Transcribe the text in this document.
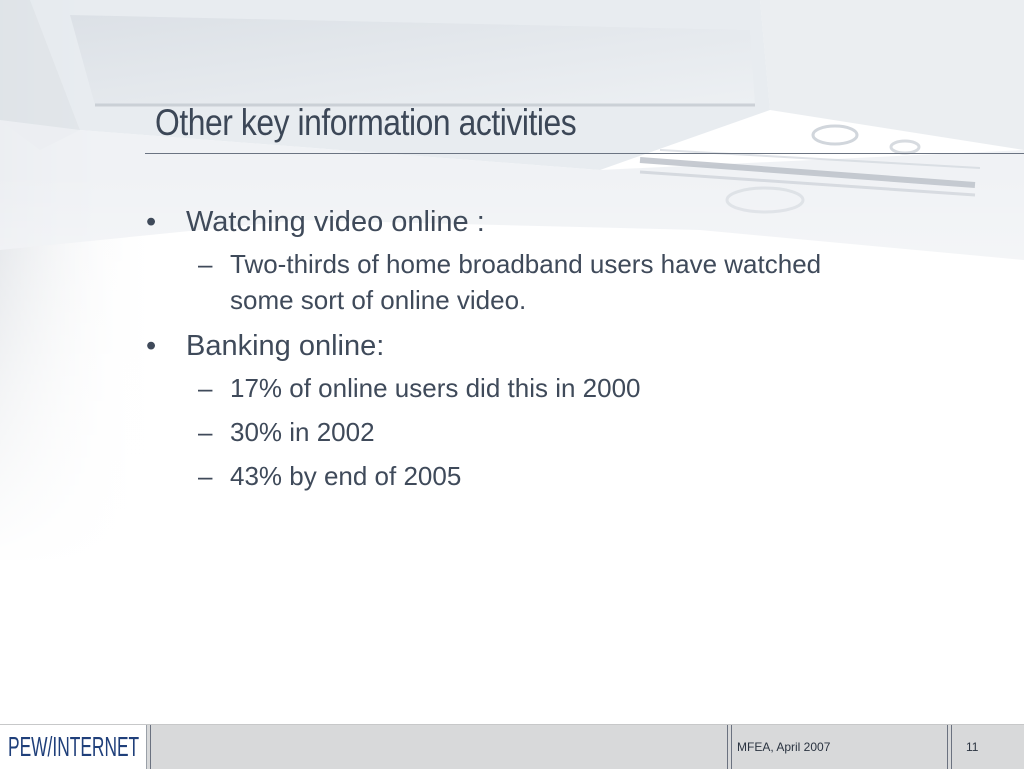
Other key information activities
• Watching video online :
– Two-thirds of home broadband users have watched some sort of online video.
• Banking online:
– 17% of online users did this in 2000
– 30% in 2002
– 43% by end of 2005
PEW/INTERNET	MFEA, April 2007	11
